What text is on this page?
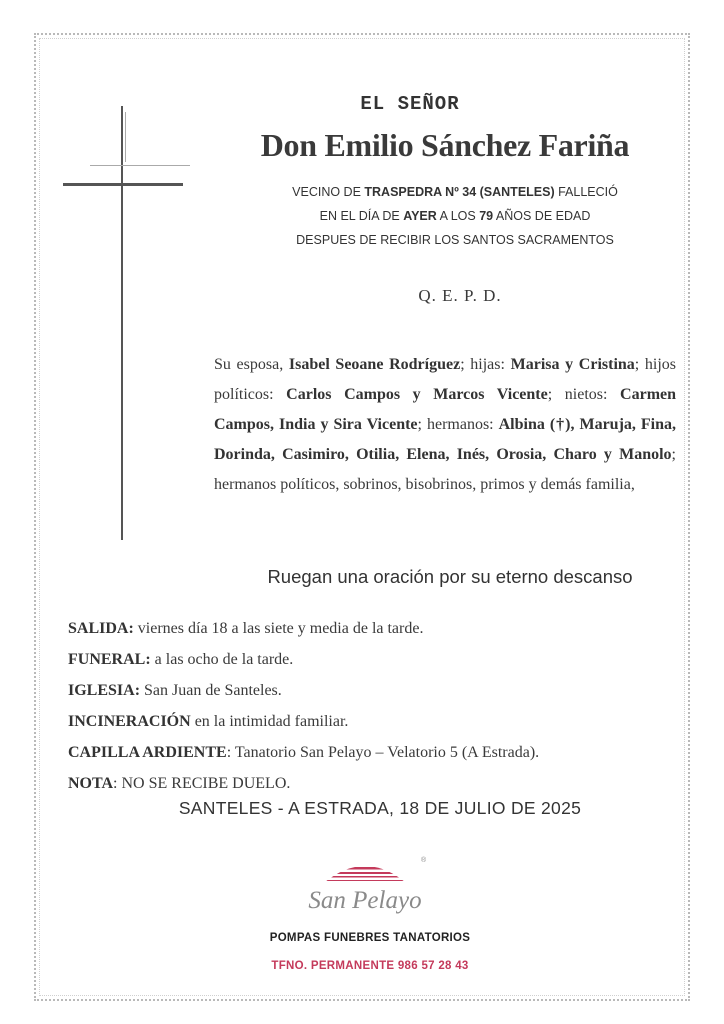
EL SEÑOR
Don Emilio Sánchez Fariña
VECINO DE TRASPEDRA Nº 34 (SANTELES) FALLECIÓ
EN EL DÍA DE AYER A LOS 79 AÑOS DE EDAD
DESPUES DE RECIBIR LOS SANTOS SACRAMENTOS
Q. E. P. D.
Su esposa, Isabel Seoane Rodríguez; hijas: Marisa y Cristina; hijos políticos: Carlos Campos y Marcos Vicente; nietos: Carmen Campos, India y Sira Vicente; hermanos: Albina (†), Maruja, Fina, Dorinda, Casimiro, Otilia, Elena, Inés, Orosia, Charo y Manolo; hermanos políticos, sobrinos, bisobrinos, primos y demás familia,
Ruegan una oración por su eterno descanso
SALIDA: viernes día 18 a las siete y media de la tarde.
FUNERAL: a las ocho de la tarde.
IGLESIA: San Juan de Santeles.
INCINERACIÓN en la intimidad familiar.
CAPILLA ARDIENTE: Tanatorio San Pelayo – Velatorio 5 (A Estrada).
NOTA: NO SE RECIBE DUELO.
SANTELES - A ESTRADA, 18 DE JULIO DE 2025
®
San Pelayo
POMPAS FUNEBRES TANATORIOS
TFNO. PERMANENTE 986 57 28 43
